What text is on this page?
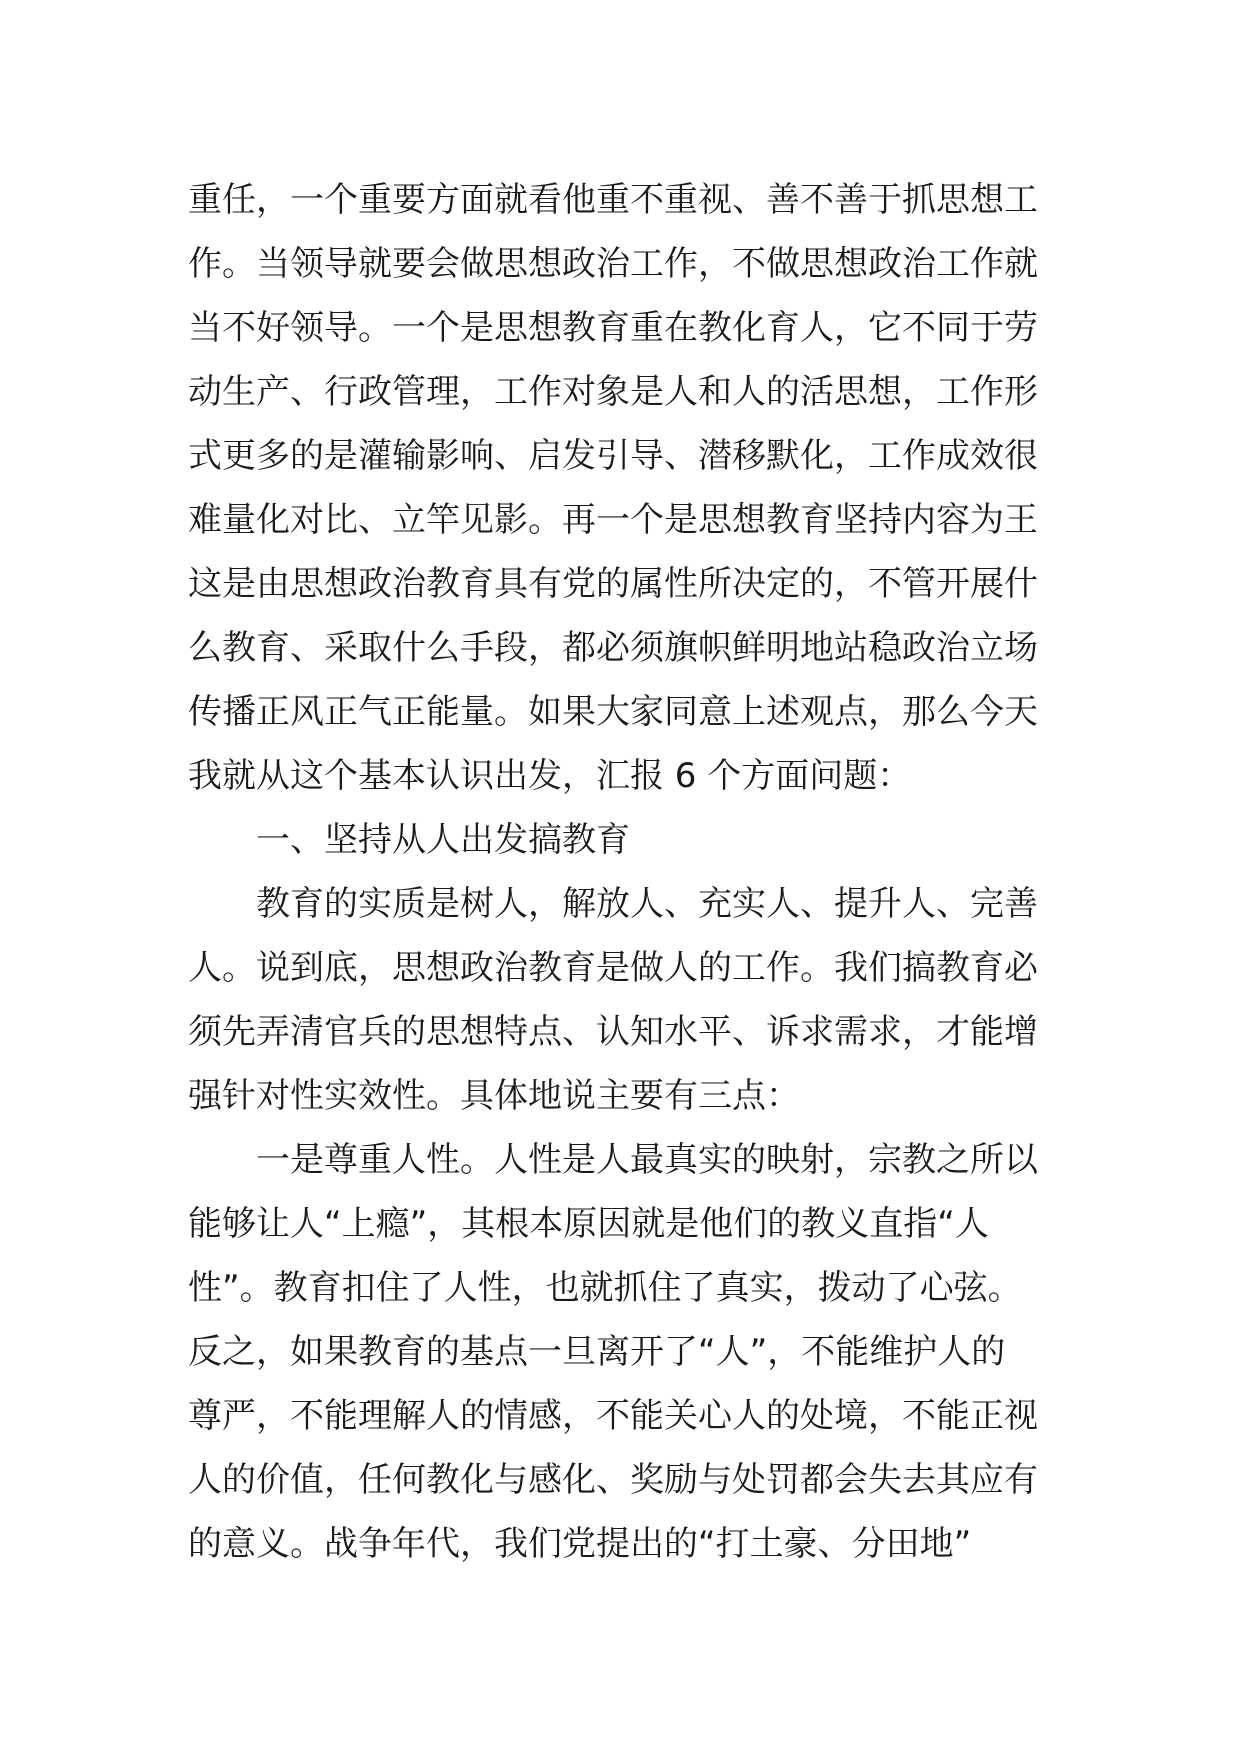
重任，一个重要方面就看他重不重视、善不善于抓思想工
作。当领导就要会做思想政治工作，不做思想政治工作就
当不好领导。一个是思想教育重在教化育人，它不同于劳
动生产、行政管理，工作对象是人和人的活思想，工作形
式更多的是灌输影响、启发引导、潜移默化，工作成效很
难量化对比、立竿见影。再一个是思想教育坚持内容为王
这是由思想政治教育具有党的属性所决定的，不管开展什
么教育、采取什么手段，都必须旗帜鲜明地站稳政治立场
传播正风正气正能量。如果大家同意上述观点，那么今天
我就从这个基本认识出发，汇报 6 个方面问题：
一、坚持从人出发搞教育
教育的实质是树人，解放人、充实人、提升人、完善
人。说到底，思想政治教育是做人的工作。我们搞教育必
须先弄清官兵的思想特点、认知水平、诉求需求，才能增
强针对性实效性。具体地说主要有三点：
一是尊重人性。人性是人最真实的映射，宗教之所以
能够让人“上瘾”，其根本原因就是他们的教义直指“人
性”。教育扣住了人性，也就抓住了真实，拨动了心弦。
反之，如果教育的基点一旦离开了“人”，不能维护人的
尊严，不能理解人的情感，不能关心人的处境，不能正视
人的价值，任何教化与感化、奖励与处罚都会失去其应有
的意义。战争年代，我们党提出的“打土豪、分田地”
